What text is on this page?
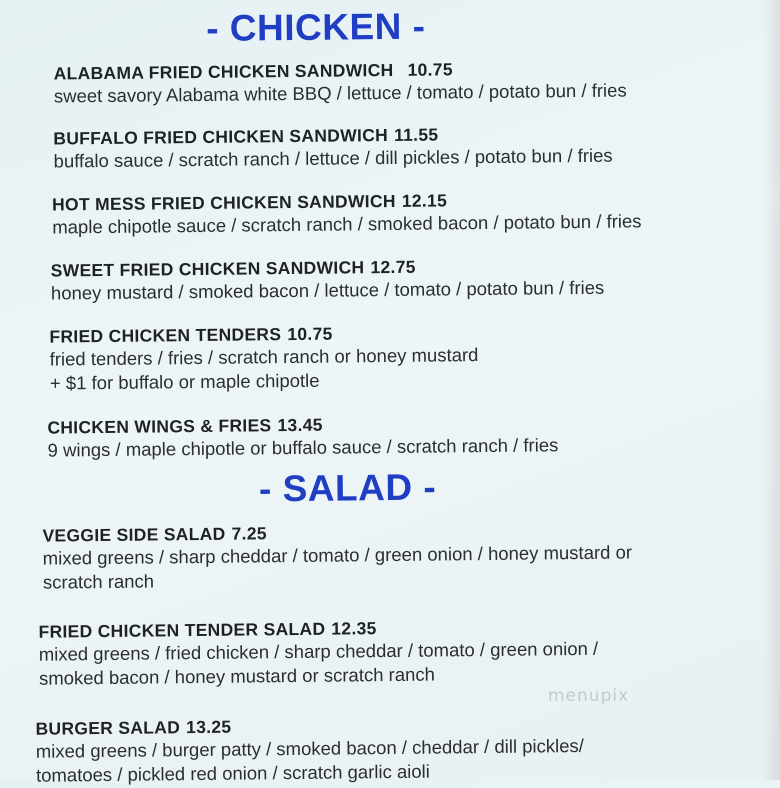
- CHICKEN -
ALABAMA FRIED CHICKEN SANDWICH 10.75
sweet savory Alabama white BBQ / lettuce / tomato / potato bun / fries
BUFFALO FRIED CHICKEN SANDWICH 11.55
buffalo sauce / scratch ranch / lettuce / dill pickles / potato bun / fries
HOT MESS FRIED CHICKEN SANDWICH 12.15
maple chipotle sauce / scratch ranch / smoked bacon / potato bun / fries
SWEET FRIED CHICKEN SANDWICH 12.75
honey mustard / smoked bacon / lettuce / tomato / potato bun / fries
FRIED CHICKEN TENDERS 10.75
fried tenders / fries / scratch ranch or honey mustard
+ $1 for buffalo or maple chipotle
CHICKEN WINGS & FRIES 13.45
9 wings / maple chipotle or buffalo sauce / scratch ranch / fries
- SALAD -
VEGGIE SIDE SALAD 7.25
mixed greens / sharp cheddar / tomato / green onion / honey mustard or
scratch ranch
FRIED CHICKEN TENDER SALAD 12.35
mixed greens / fried chicken / sharp cheddar / tomato / green onion /
smoked bacon / honey mustard or scratch ranch
BURGER SALAD 13.25
mixed greens / burger patty / smoked bacon / cheddar / dill pickles/
tomatoes / pickled red onion / scratch garlic aioli
menupix
